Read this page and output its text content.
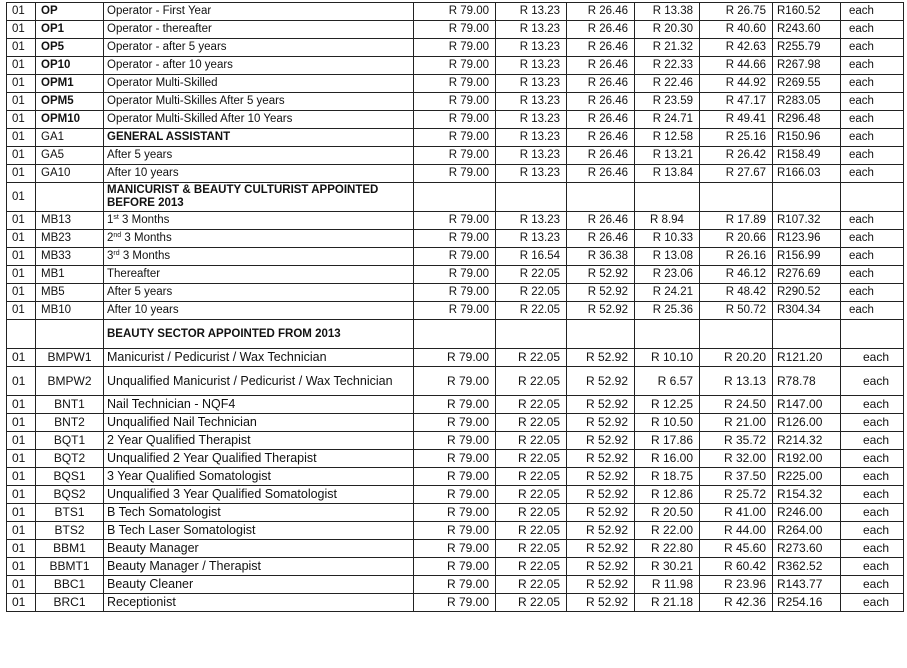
01	OP	Operator - First Year	R 79.00	R 13.23	R 26.46	R 13.38	R 26.75	R160.52	each
01	OP1	Operator - thereafter	R 79.00	R 13.23	R 26.46	R 20.30	R 40.60	R243.60	each
01	OP5	Operator - after 5 years	R 79.00	R 13.23	R 26.46	R 21.32	R 42.63	R255.79	each
01	OP10	Operator - after 10 years	R 79.00	R 13.23	R 26.46	R 22.33	R 44.66	R267.98	each
01	OPM1	Operator Multi-Skilled	R 79.00	R 13.23	R 26.46	R 22.46	R 44.92	R269.55	each
01	OPM5	Operator Multi-Skilles After 5 years	R 79.00	R 13.23	R 26.46	R 23.59	R 47.17	R283.05	each
01	OPM10	Operator Multi-Skilled After 10 Years	R 79.00	R 13.23	R 26.46	R 24.71	R 49.41	R296.48	each
01	GA1	GENERAL ASSISTANT	R 79.00	R 13.23	R 26.46	R 12.58	R 25.16	R150.96	each
01	GA5	After 5 years	R 79.00	R 13.23	R 26.46	R 13.21	R 26.42	R158.49	each
01	GA10	After 10 years	R 79.00	R 13.23	R 26.46	R 13.84	R 27.67	R166.03	each
01		MANICURIST & BEAUTY CULTURIST APPOINTED BEFORE 2013							
01	MB13	1st 3 Months	R 79.00	R 13.23	R 26.46	R 8.94	R 17.89	R107.32	each
01	MB23	2nd 3 Months	R 79.00	R 13.23	R 26.46	R 10.33	R 20.66	R123.96	each
01	MB33	3rd 3 Months	R 79.00	R 16.54	R 36.38	R 13.08	R 26.16	R156.99	each
01	MB1	Thereafter	R 79.00	R 22.05	R 52.92	R 23.06	R 46.12	R276.69	each
01	MB5	After 5 years	R 79.00	R 22.05	R 52.92	R 24.21	R 48.42	R290.52	each
01	MB10	After 10 years	R 79.00	R 22.05	R 52.92	R 25.36	R 50.72	R304.34	each
		BEAUTY SECTOR APPOINTED FROM 2013							
01	BMPW1	Manicurist / Pedicurist / Wax Technician	R 79.00	R 22.05	R 52.92	R 10.10	R 20.20	R121.20	each
01	BMPW2	Unqualified Manicurist / Pedicurist / Wax Technician	R 79.00	R 22.05	R 52.92	R 6.57	R 13.13	R78.78	each
01	BNT1	Nail Technician - NQF4	R 79.00	R 22.05	R 52.92	R 12.25	R 24.50	R147.00	each
01	BNT2	Unqualified Nail Technician	R 79.00	R 22.05	R 52.92	R 10.50	R 21.00	R126.00	each
01	BQT1	2 Year Qualified Therapist	R 79.00	R 22.05	R 52.92	R 17.86	R 35.72	R214.32	each
01	BQT2	Unqualified 2 Year Qualified Therapist	R 79.00	R 22.05	R 52.92	R 16.00	R 32.00	R192.00	each
01	BQS1	3 Year Qualified Somatologist	R 79.00	R 22.05	R 52.92	R 18.75	R 37.50	R225.00	each
01	BQS2	Unqualified 3 Year Qualified Somatologist	R 79.00	R 22.05	R 52.92	R 12.86	R 25.72	R154.32	each
01	BTS1	B Tech Somatologist	R 79.00	R 22.05	R 52.92	R 20.50	R 41.00	R246.00	each
01	BTS2	B Tech Laser Somatologist	R 79.00	R 22.05	R 52.92	R 22.00	R 44.00	R264.00	each
01	BBM1	Beauty Manager	R 79.00	R 22.05	R 52.92	R 22.80	R 45.60	R273.60	each
01	BBMT1	Beauty Manager / Therapist	R 79.00	R 22.05	R 52.92	R 30.21	R 60.42	R362.52	each
01	BBC1	Beauty Cleaner	R 79.00	R 22.05	R 52.92	R 11.98	R 23.96	R143.77	each
01	BRC1	Receptionist	R 79.00	R 22.05	R 52.92	R 21.18	R 42.36	R254.16	each
